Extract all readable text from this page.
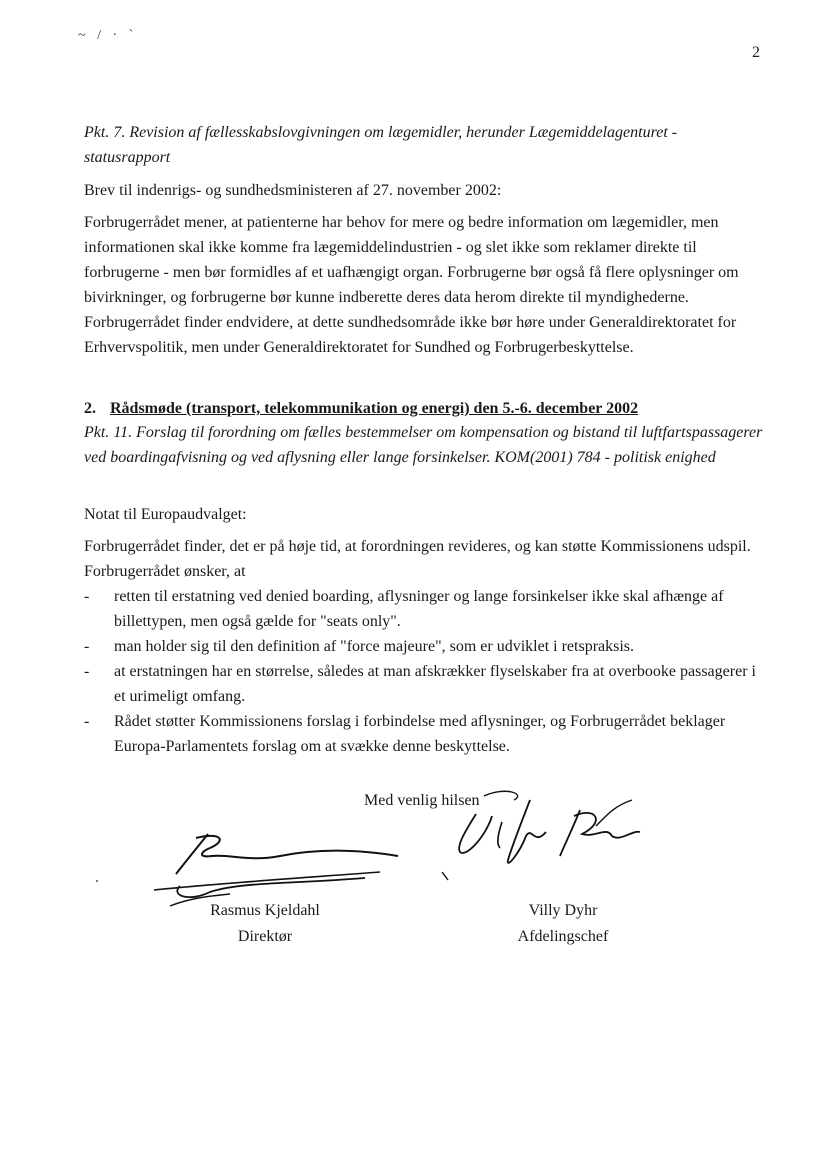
~ / · `
2
Pkt. 7. Revision af fællesskabslovgivningen om lægemidler, herunder Lægemiddelagenturet - statusrapport
Brev til indenrigs- og sundhedsministeren af 27. november 2002:
Forbrugerrådet mener, at patienterne har behov for mere og bedre information om lægemidler, men informationen skal ikke komme fra lægemiddelindustrien - og slet ikke som reklamer direkte til forbrugerne - men bør formidles af et uafhængigt organ. Forbrugerne bør også få flere oplysninger om bivirkninger, og forbrugerne bør kunne indberette deres data herom direkte til myndighederne. Forbrugerrådet finder endvidere, at dette sundhedsområde ikke bør høre under Generaldirektoratet for Erhvervspolitik, men under Generaldirektoratet for Sundhed og Forbrugerbeskyttelse.
2. Rådsmøde (transport, telekommunikation og energi) den 5.-6. december 2002
Pkt. 11. Forslag til forordning om fælles bestemmelser om kompensation og bistand til luftfartspassagerer ved boardingafvisning og ved aflysning eller lange forsinkelser. KOM(2001) 784 - politisk enighed
Notat til Europaudvalget:
Forbrugerrådet finder, det er på høje tid, at forordningen revideres, og kan støtte Kommissionens udspil. Forbrugerrådet ønsker, at
- retten til erstatning ved denied boarding, aflysninger og lange forsinkelser ikke skal afhænge af billettypen, men også gælde for "seats only".
- man holder sig til den definition af "force majeure", som er udviklet i retspraksis.
- at erstatningen har en størrelse, således at man afskrækker flyselskaber fra at overbooke passagerer i et urimeligt omfang.
- Rådet støtter Kommissionens forslag i forbindelse med aflysninger, og Forbrugerrådet beklager Europa-Parlamentets forslag om at svække denne beskyttelse.
Med venlig hilsen
Rasmus Kjeldahl
Direktør
Villy Dyhr
Afdelingschef
